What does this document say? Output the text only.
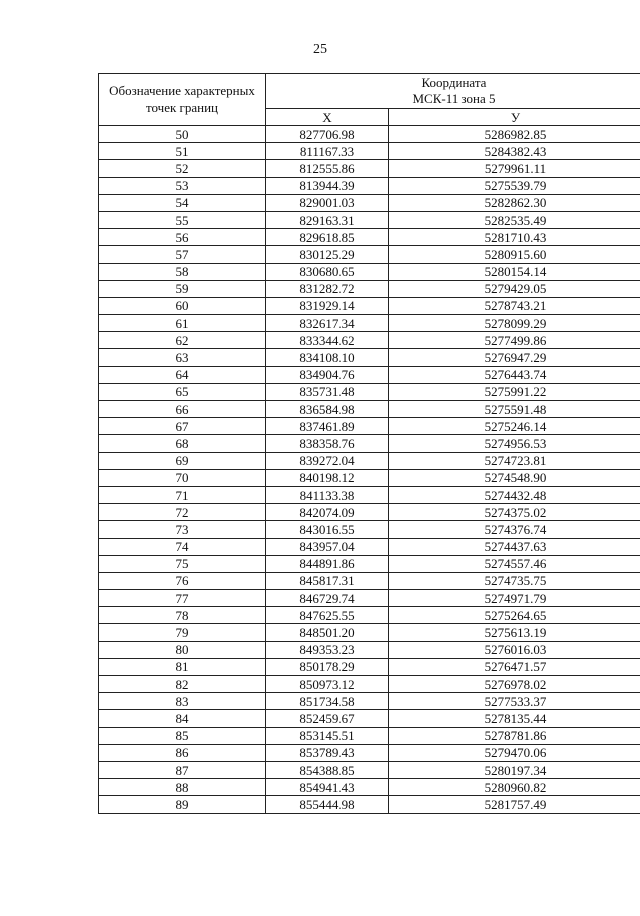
25
Обозначение характерных точек границ	Координата
МСК-11 зона 5	
	Х	У
50	827706.98	5286982.85
51	811167.33	5284382.43
52	812555.86	5279961.11
53	813944.39	5275539.79
54	829001.03	5282862.30
55	829163.31	5282535.49
56	829618.85	5281710.43
57	830125.29	5280915.60
58	830680.65	5280154.14
59	831282.72	5279429.05
60	831929.14	5278743.21
61	832617.34	5278099.29
62	833344.62	5277499.86
63	834108.10	5276947.29
64	834904.76	5276443.74
65	835731.48	5275991.22
66	836584.98	5275591.48
67	837461.89	5275246.14
68	838358.76	5274956.53
69	839272.04	5274723.81
70	840198.12	5274548.90
71	841133.38	5274432.48
72	842074.09	5274375.02
73	843016.55	5274376.74
74	843957.04	5274437.63
75	844891.86	5274557.46
76	845817.31	5274735.75
77	846729.74	5274971.79
78	847625.55	5275264.65
79	848501.20	5275613.19
80	849353.23	5276016.03
81	850178.29	5276471.57
82	850973.12	5276978.02
83	851734.58	5277533.37
84	852459.67	5278135.44
85	853145.51	5278781.86
86	853789.43	5279470.06
87	854388.85	5280197.34
88	854941.43	5280960.82
89	855444.98	5281757.49
